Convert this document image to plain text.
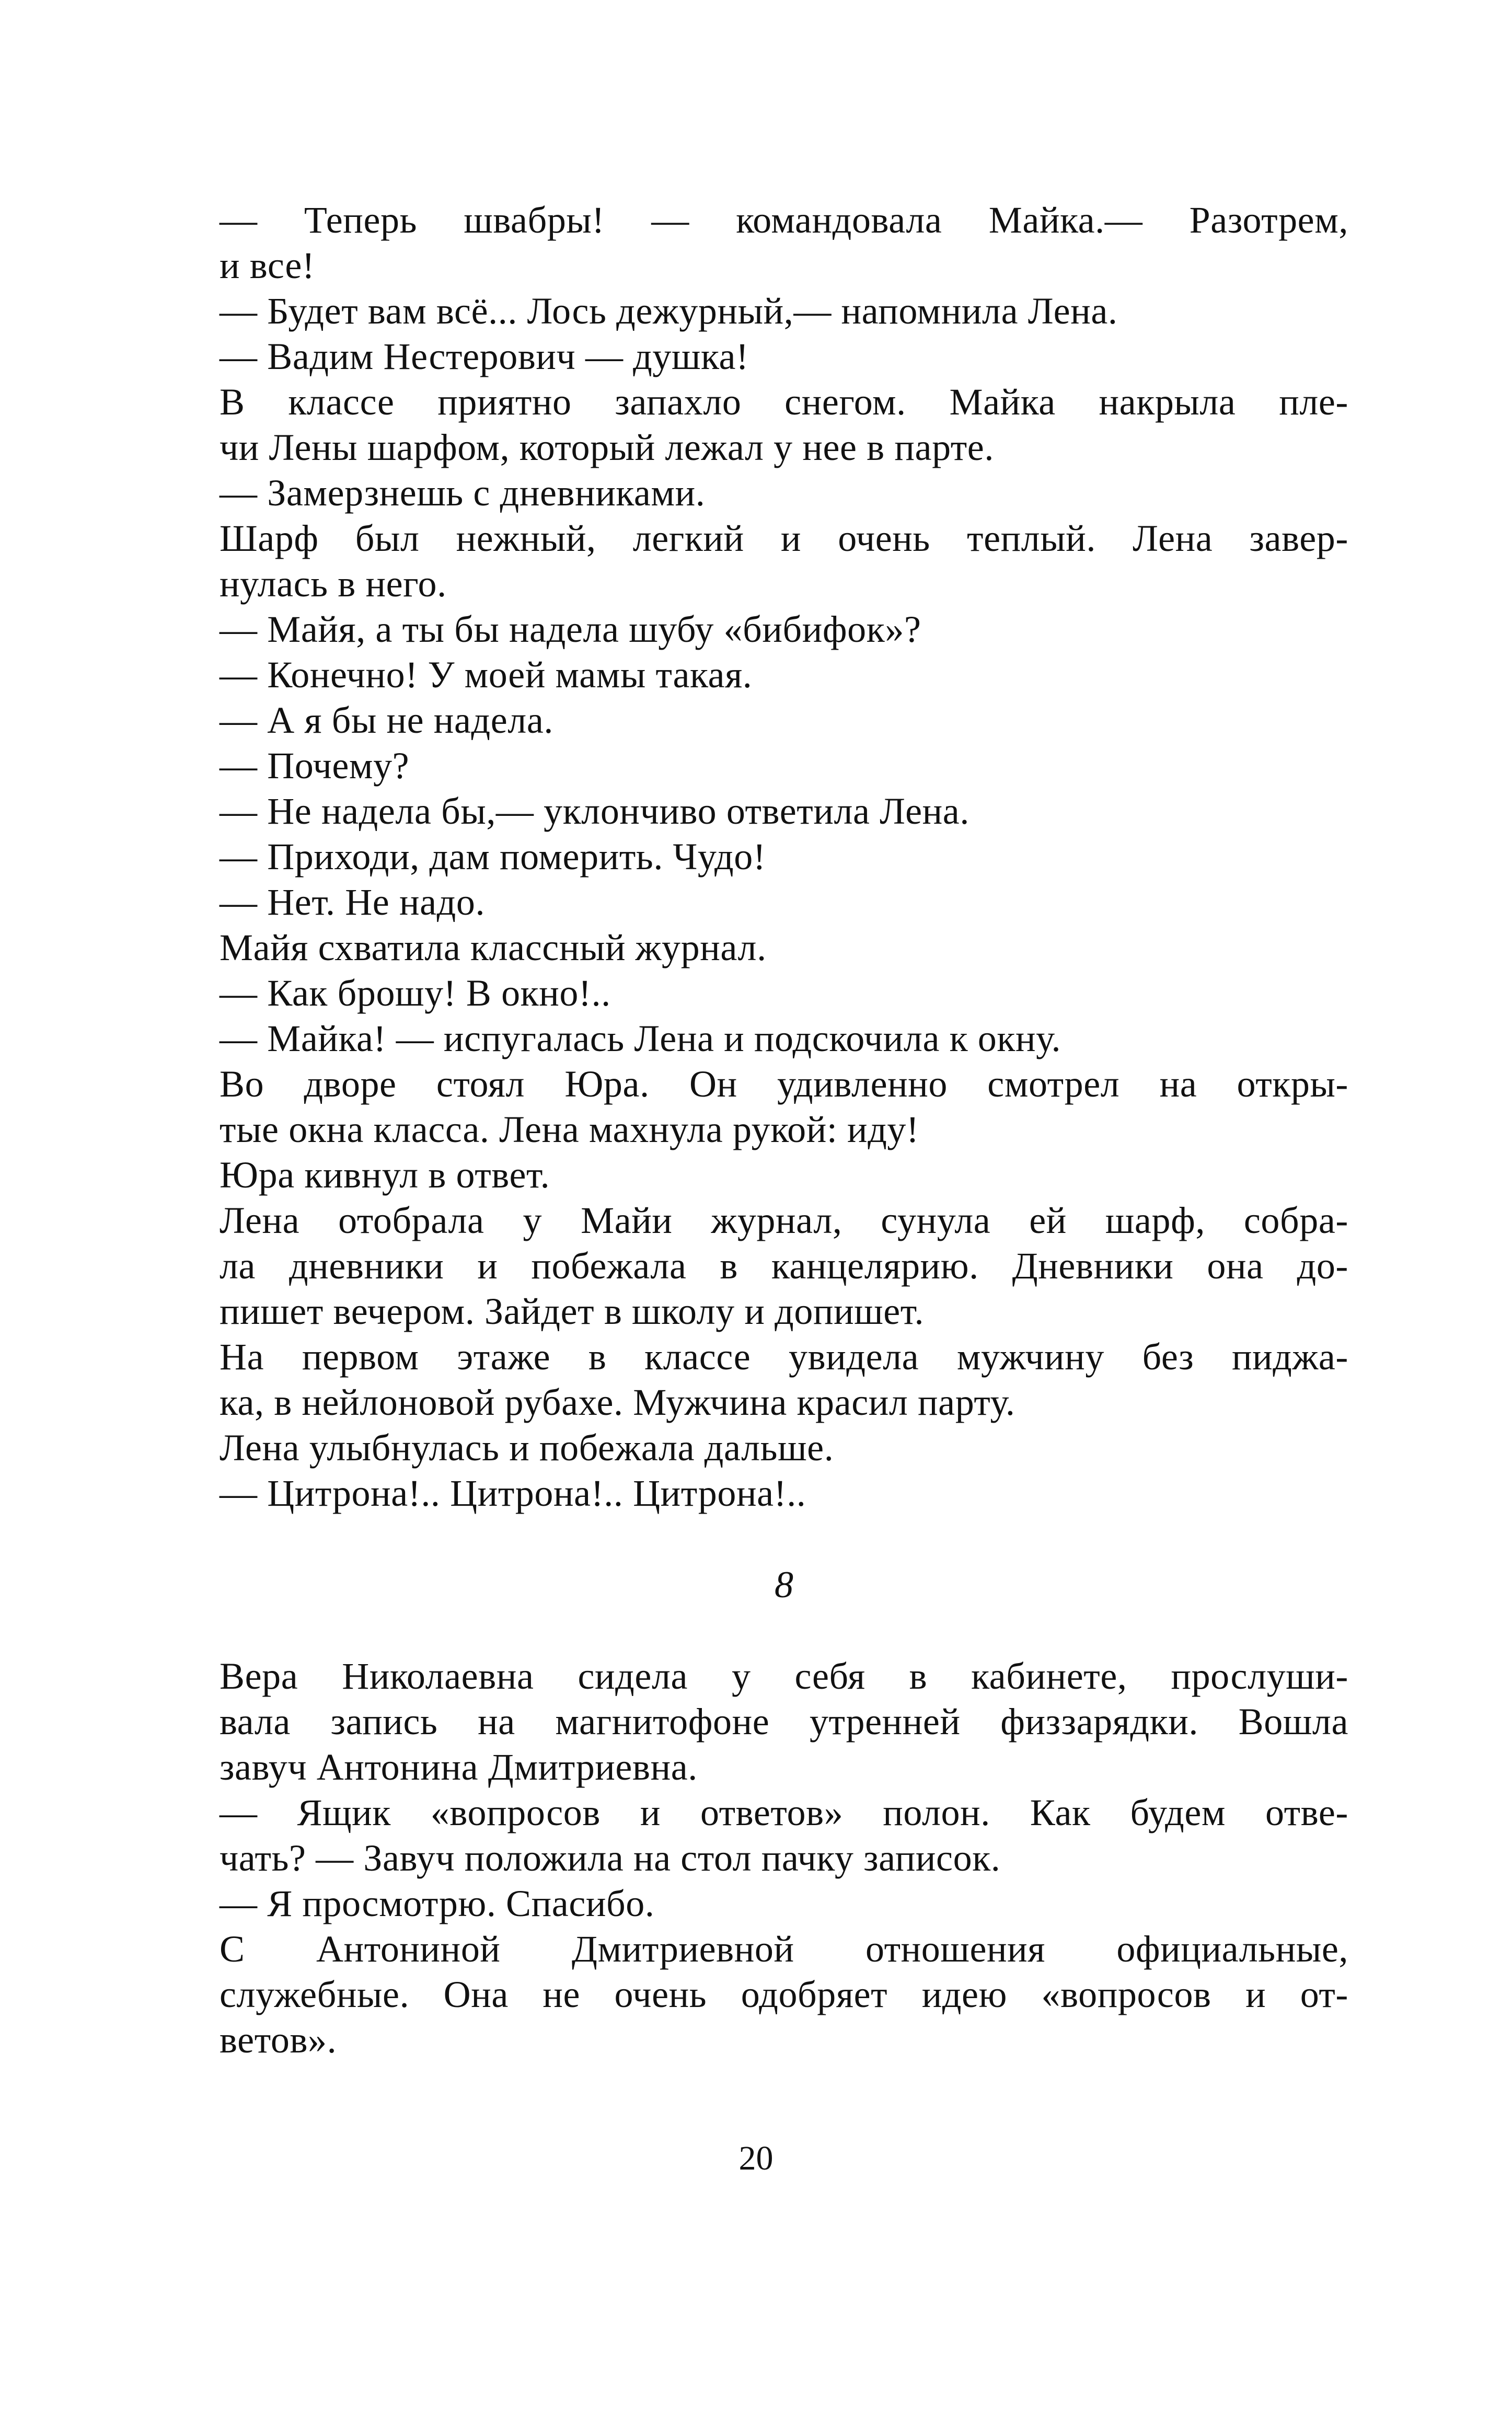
— Теперь швабры! — командовала Майка.— Разотрем,
и все!
— Будет вам всё... Лось дежурный,— напомнила Лена.
— Вадим Нестерович — душка!
В классе приятно запахло снегом. Майка накрыла пле-
чи Лены шарфом, который лежал у нее в парте.
— Замерзнешь с дневниками.
Шарф был нежный, легкий и очень теплый. Лена завер-
нулась в него.
— Майя, а ты бы надела шубу «бибифок»?
— Конечно! У моей мамы такая.
— А я бы не надела.
— Почему?
— Не надела бы,— уклончиво ответила Лена.
— Приходи, дам померить. Чудо!
— Нет. Не надо.
Майя схватила классный журнал.
— Как брошу! В окно!..
— Майка! — испугалась Лена и подскочила к окну.
Во дворе стоял Юра. Он удивленно смотрел на откры-
тые окна класса. Лена махнула рукой: иду!
Юра кивнул в ответ.
Лена отобрала у Майи журнал, сунула ей шарф, собра-
ла дневники и побежала в канцелярию. Дневники она до-
пишет вечером. Зайдет в школу и допишет.
На первом этаже в классе увидела мужчину без пиджа-
ка, в нейлоновой рубахе. Мужчина красил парту.
Лена улыбнулась и побежала дальше.
— Цитрона!.. Цитрона!.. Цитрона!..
8
Вера Николаевна сидела у себя в кабинете, прослуши-
вала запись на магнитофоне утренней физзарядки. Вошла
завуч Антонина Дмитриевна.
— Ящик «вопросов и ответов» полон. Как будем отве-
чать? — Завуч положила на стол пачку записок.
— Я просмотрю. Спасибо.
С Антониной Дмитриевной отношения официальные,
служебные. Она не очень одобряет идею «вопросов и от-
ветов».
20
